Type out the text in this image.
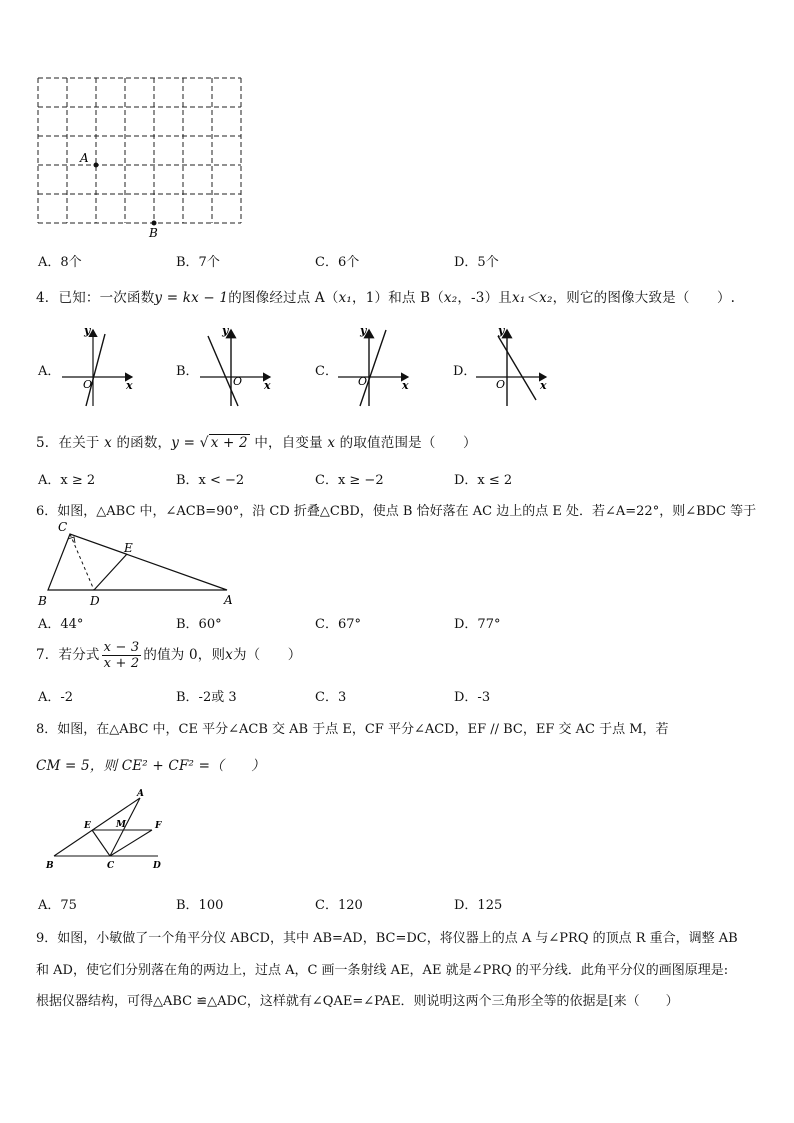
A
B
A．8个	B．7个	C．6个	D．5个
4．已知：一次函数y = kx − 1的图像经过点 A（x₁，1）和点 B（x₂，-3）且x₁＜x₂，则它的图像大致是（　　）.
A．	B．	C．	D．
y
x
O
y
x
O
y
x
O
y
x
O
5．在关于 x 的函数，y = √ x + 2 中，自变量 x 的取值范围是（　　）
A．x ≥ 2	B．x < −2	C．x ≥ −2	D．x ≤ 2
6．如图，△ABC 中，∠ACB=90°，沿 CD 折叠△CBD，使点 B 恰好落在 AC 边上的点 E 处．若∠A=22°，则∠BDC 等于
C
E
B	D	A
A．44°	B．60°	C．67°	D．77°
7．若分式 $\frac{x - 3}{x + 2}$ 的值为 0，则x为（　　）
A．-2	B．-2或 3	C．3	D．-3
8．如图，在△ABC 中，CE 平分∠ACB 交 AB 于点 E，CF 平分∠ACD，EF // BC，EF 交 AC 于点 M，若
CM = 5，则 CE² + CF² =（　　）
A
E	M	F
B	C	D
A．75	B．100	C．120	D．125
9．如图，小敏做了一个角平分仪 ABCD，其中 AB=AD，BC=DC，将仪器上的点 A 与∠PRQ 的顶点 R 重合，调整 AB
和 AD，使它们分别落在角的两边上，过点 A，C 画一条射线 AE，AE 就是∠PRQ 的平分线．此角平分仪的画图原理是:
根据仪器结构，可得△ABC ≌△ADC，这样就有∠QAE=∠PAE．则说明这两个三角形全等的依据是[来（　　）
